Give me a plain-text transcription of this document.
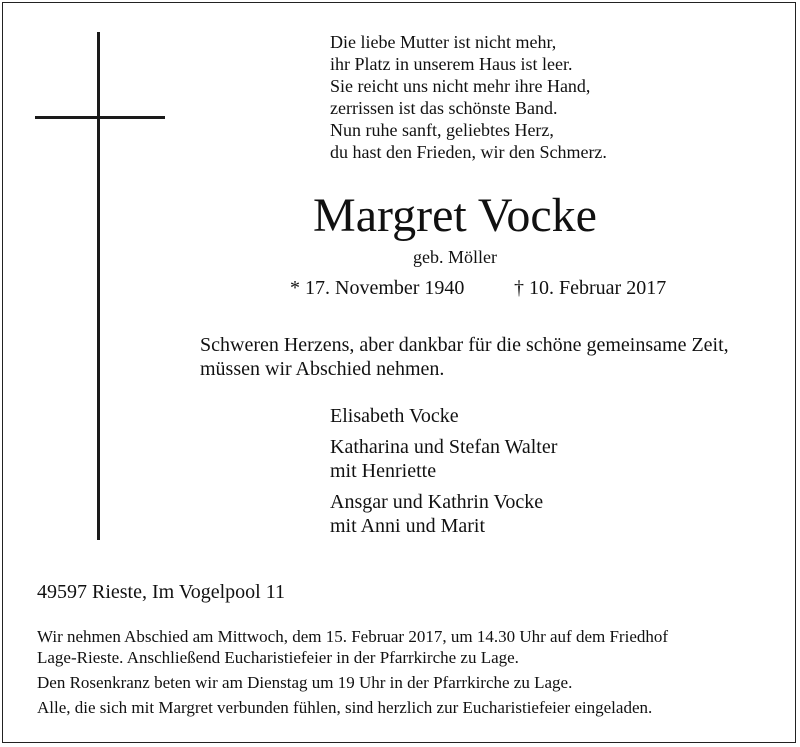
Die liebe Mutter ist nicht mehr,
ihr Platz in unserem Haus ist leer.
Sie reicht uns nicht mehr ihre Hand,
zerrissen ist das schönste Band.
Nun ruhe sanft, geliebtes Herz,
du hast den Frieden, wir den Schmerz.
Margret Vocke
geb. Möller
* 17. November 1940 † 10. Februar 2017
Schweren Herzens, aber dankbar für die schöne gemeinsame Zeit,
müssen wir Abschied nehmen.
Elisabeth Vocke
Katharina und Stefan Walter
mit Henriette
Ansgar und Kathrin Vocke
mit Anni und Marit
49597 Rieste, Im Vogelpool 11

Wir nehmen Abschied am Mittwoch, dem 15. Februar 2017, um 14.30 Uhr auf dem Friedhof
Lage-Rieste. Anschließend Eucharistiefeier in der Pfarrkirche zu Lage.

Den Rosenkranz beten wir am Dienstag um 19 Uhr in der Pfarrkirche zu Lage.

Alle, die sich mit Margret verbunden fühlen, sind herzlich zur Eucharistiefeier eingeladen.
